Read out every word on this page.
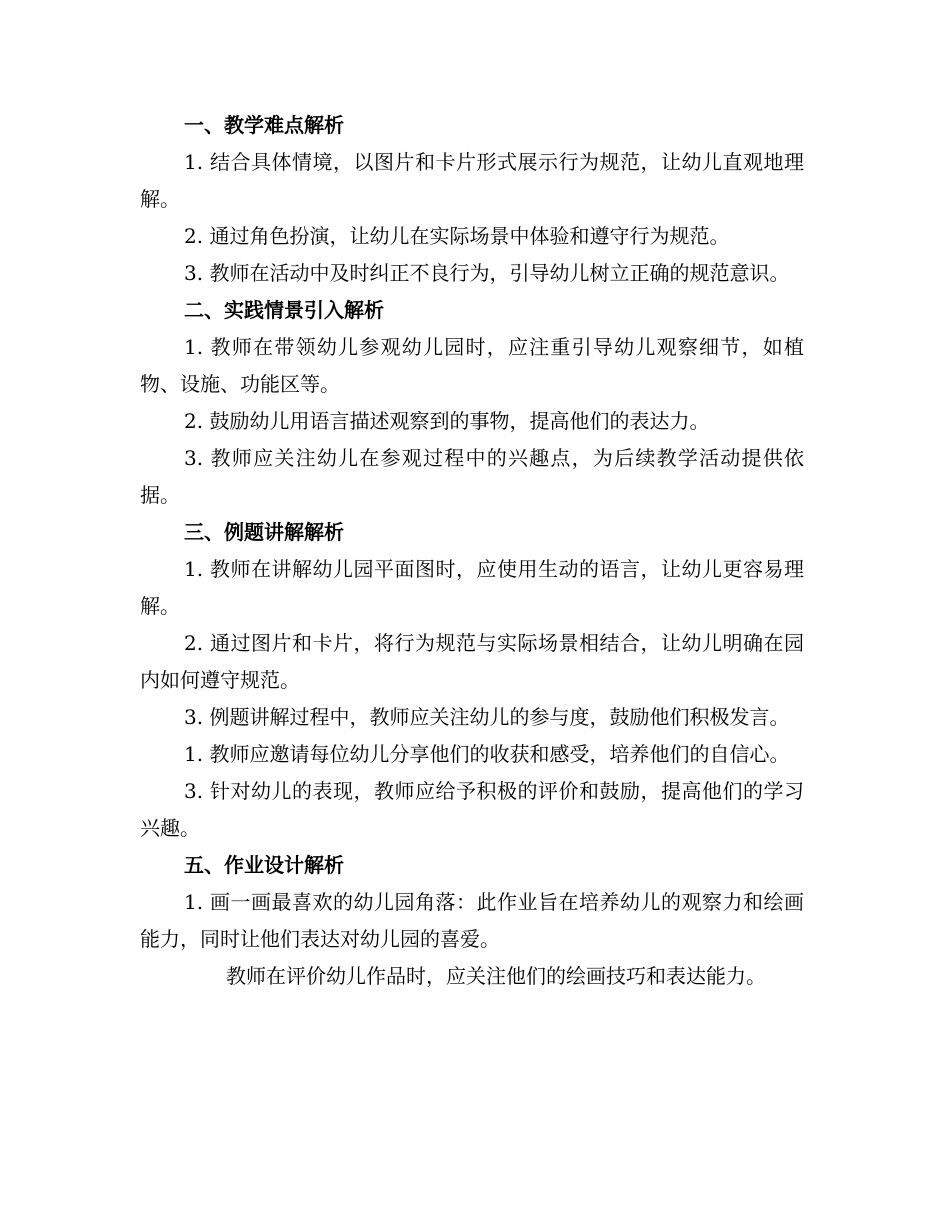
一、教学难点解析

1. 结合具体情境，以图片和卡片形式展示行为规范，让幼儿直观地理解。

2. 通过角色扮演，让幼儿在实际场景中体验和遵守行为规范。

3. 教师在活动中及时纠正不良行为，引导幼儿树立正确的规范意识。

二、实践情景引入解析

1. 教师在带领幼儿参观幼儿园时，应注重引导幼儿观察细节，如植物、设施、功能区等。

2. 鼓励幼儿用语言描述观察到的事物，提高他们的表达力。

3. 教师应关注幼儿在参观过程中的兴趣点，为后续教学活动提供依据。

三、例题讲解解析

1. 教师在讲解幼儿园平面图时，应使用生动的语言，让幼儿更容易理解。

2. 通过图片和卡片，将行为规范与实际场景相结合，让幼儿明确在园内如何遵守规范。

3. 例题讲解过程中，教师应关注幼儿的参与度，鼓励他们积极发言。

1. 教师应邀请每位幼儿分享他们的收获和感受，培养他们的自信心。

3. 针对幼儿的表现，教师应给予积极的评价和鼓励，提高他们的学习兴趣。

五、作业设计解析

1. 画一画最喜欢的幼儿园角落：此作业旨在培养幼儿的观察力和绘画能力，同时让他们表达对幼儿园的喜爱。

教师在评价幼儿作品时，应关注他们的绘画技巧和表达能力。
